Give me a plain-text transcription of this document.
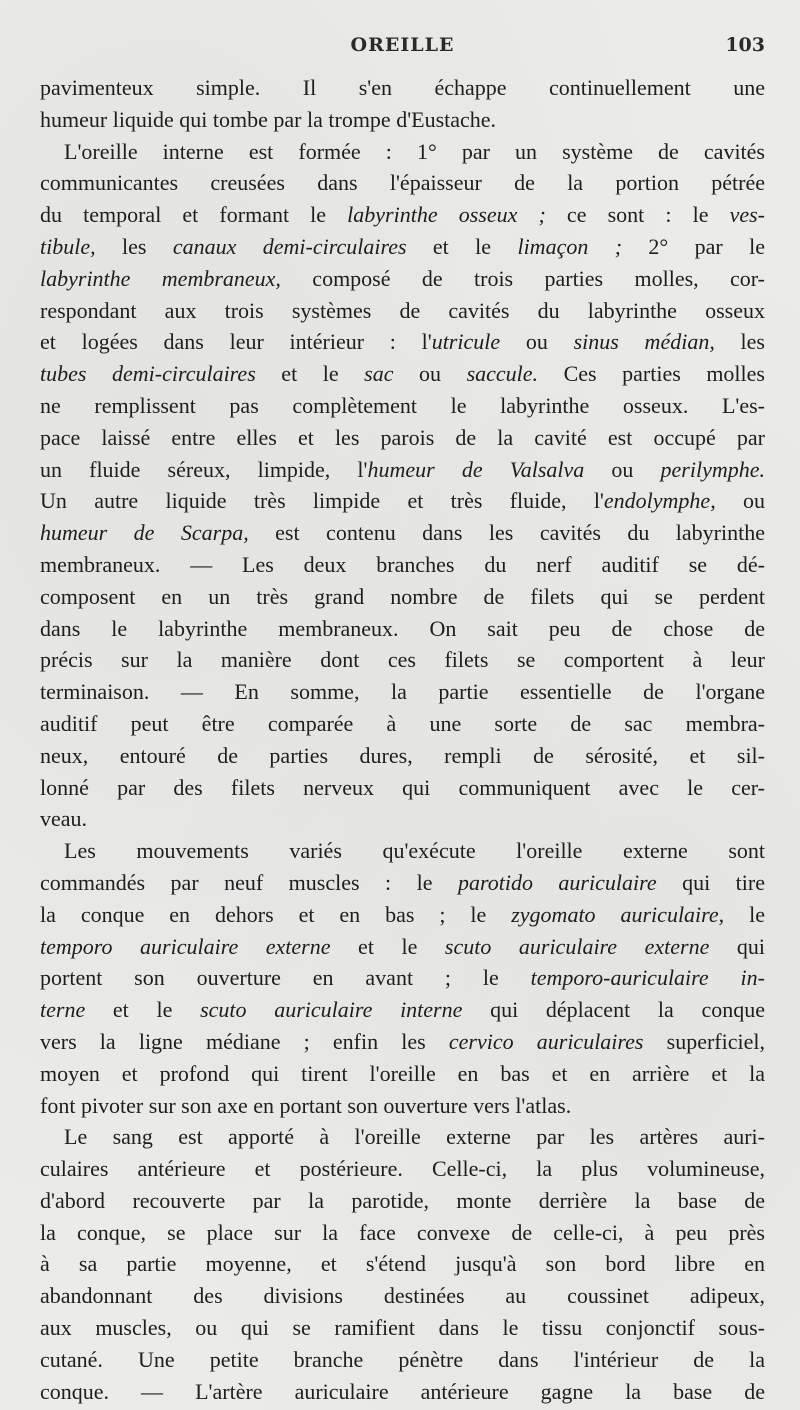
OREILLE	103
pavimenteux simple. Il s'en échappe continuellement une
humeur liquide qui tombe par la trompe d'Eustache.
L'oreille interne est formée : 1° par un système de cavités
communicantes creusées dans l'épaisseur de la portion pétrée
du temporal et formant le labyrinthe osseux ; ce sont : le ves-
tibule, les canaux demi-circulaires et le limaçon ; 2° par le
labyrinthe membraneux, composé de trois parties molles, cor-
respondant aux trois systèmes de cavités du labyrinthe osseux
et logées dans leur intérieur : l'utricule ou sinus médian, les
tubes demi-circulaires et le sac ou saccule. Ces parties molles
ne remplissent pas complètement le labyrinthe osseux. L'es-
pace laissé entre elles et les parois de la cavité est occupé par
un fluide séreux, limpide, l'humeur de Valsalva ou perilymphe.
Un autre liquide très limpide et très fluide, l'endolymphe, ou
humeur de Scarpa, est contenu dans les cavités du labyrinthe
membraneux. — Les deux branches du nerf auditif se dé-
composent en un très grand nombre de filets qui se perdent
dans le labyrinthe membraneux. On sait peu de chose de
précis sur la manière dont ces filets se comportent à leur
terminaison. — En somme, la partie essentielle de l'organe
auditif peut être comparée à une sorte de sac membra-
neux, entouré de parties dures, rempli de sérosité, et sil-
lonné par des filets nerveux qui communiquent avec le cer-
veau.
Les mouvements variés qu'exécute l'oreille externe sont
commandés par neuf muscles : le parotido auriculaire qui tire
la conque en dehors et en bas ; le zygomato auriculaire, le
temporo auriculaire externe et le scuto auriculaire externe qui
portent son ouverture en avant ; le temporo-auriculaire in-
terne et le scuto auriculaire interne qui déplacent la conque
vers la ligne médiane ; enfin les cervico auriculaires superficiel,
moyen et profond qui tirent l'oreille en bas et en arrière et la
font pivoter sur son axe en portant son ouverture vers l'atlas.
Le sang est apporté à l'oreille externe par les artères auri-
culaires antérieure et postérieure. Celle-ci, la plus volumineuse,
d'abord recouverte par la parotide, monte derrière la base de
la conque, se place sur la face convexe de celle-ci, à peu près
à sa partie moyenne, et s'étend jusqu'à son bord libre en
abandonnant des divisions destinées au coussinet adipeux,
aux muscles, ou qui se ramifient dans le tissu conjonctif sous-
cutané. Une petite branche pénètre dans l'intérieur de la
conque. — L'artère auriculaire antérieure gagne la base de
